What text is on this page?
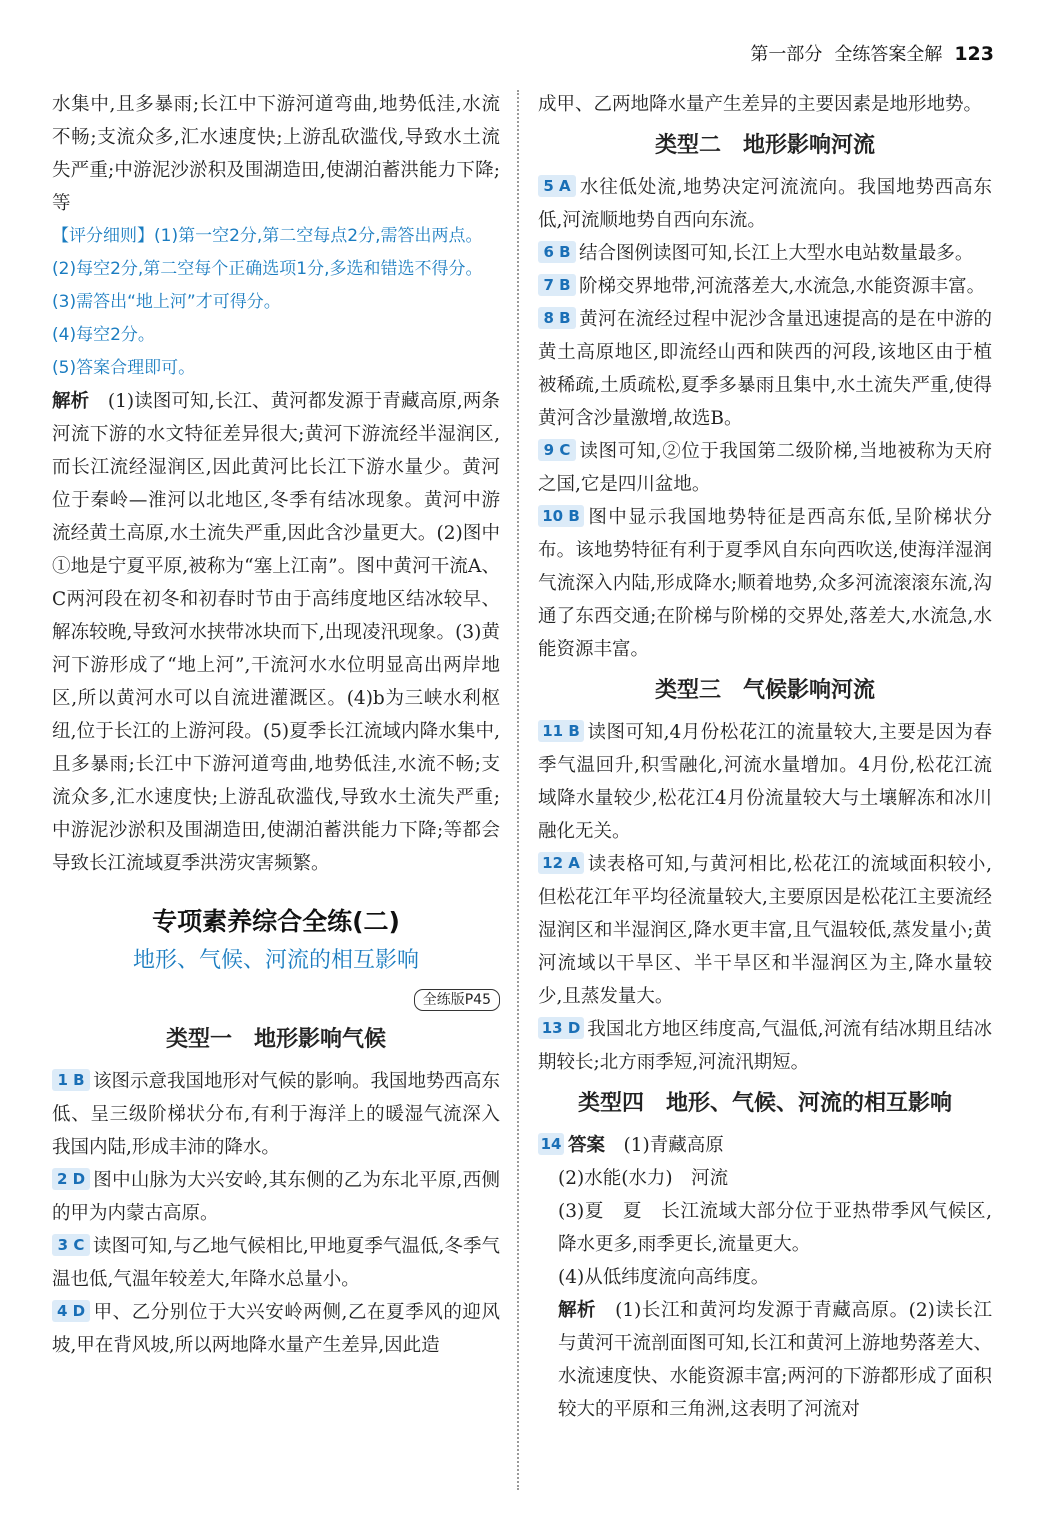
第一部分 全练答案全解 123

水集中,且多暴雨;长江中下游河道弯曲,地势低洼,水流不畅;支流众多,汇水速度快;上游乱砍滥伐,导致水土流失严重;中游泥沙淤积及围湖造田,使湖泊蓄洪能力下降;等

【评分细则】(1)第一空2分,第二空每点2分,需答出两点。

(2)每空2分,第二空每个正确选项1分,多选和错选不得分。

(3)需答出“地上河”才可得分。

(4)每空2分。

(5)答案合理即可。

解析　 (1)读图可知,长江、黄河都发源于青藏高原,两条河流下游的水文特征差异很大;黄河下游流经半湿润区,而长江流经湿润区,因此黄河比长江下游水量少。黄河位于秦岭—淮河以北地区,冬季有结冰现象。黄河中游流经黄土高原,水土流失严重,因此含沙量更大。(2)图中①地是宁夏平原,被称为“塞上江南”。图中黄河干流A、C两河段在初冬和初春时节由于高纬度地区结冰较早、解冻较晚,导致河水挟带冰块而下,出现凌汛现象。(3)黄河下游形成了“地上河”,干流河水水位明显高出两岸地区,所以黄河水可以自流进灌溉区。(4)b为三峡水利枢纽,位于长江的上游河段。(5)夏季长江流域内降水集中,且多暴雨;长江中下游河道弯曲,地势低洼,水流不畅;支流众多,汇水速度快;上游乱砍滥伐,导致水土流失严重;中游泥沙淤积及围湖造田,使湖泊蓄洪能力下降;等都会导致长江流域夏季洪涝灾害频繁。

专项素养综合全练(二)
地形、气候、河流的相互影响
全练版P45
类型一　地形影响气候

1 B 该图示意我国地形对气候的影响。我国地势西高东低、呈三级阶梯状分布,有利于海洋上的暖湿气流深入我国内陆,形成丰沛的降水。

2 D 图中山脉为大兴安岭,其东侧的乙为东北平原,西侧的甲为内蒙古高原。

3 C 读图可知,与乙地气候相比,甲地夏季气温低,冬季气温也低,气温年较差大,年降水总量小。

4 D 甲、乙分别位于大兴安岭两侧,乙在夏季风的迎风坡,甲在背风坡,所以两地降水量产生差异,因此造

成甲、乙两地降水量产生差异的主要因素是地形地势。

类型二　地形影响河流

5 A 水往低处流,地势决定河流流向。我国地势西高东低,河流顺地势自西向东流。

6 B 结合图例读图可知,长江上大型水电站数量最多。

7 B 阶梯交界地带,河流落差大,水流急,水能资源丰富。

8 B 黄河在流经过程中泥沙含量迅速提高的是在中游的黄土高原地区,即流经山西和陕西的河段,该地区由于植被稀疏,土质疏松,夏季多暴雨且集中,水土流失严重,使得黄河含沙量激增,故选B。

9 C 读图可知,②位于我国第二级阶梯,当地被称为天府之国,它是四川盆地。

10 B 图中显示我国地势特征是西高东低,呈阶梯状分布。该地势特征有利于夏季风自东向西吹送,使海洋湿润气流深入内陆,形成降水;顺着地势,众多河流滚滚东流,沟通了东西交通;在阶梯与阶梯的交界处,落差大,水流急,水能资源丰富。

类型三　气候影响河流

11 B 读图可知,4月份松花江的流量较大,主要是因为春季气温回升,积雪融化,河流水量增加。4月份,松花江流域降水量较少,松花江4月份流量较大与土壤解冻和冰川融化无关。

12 A 读表格可知,与黄河相比,松花江的流域面积较小,但松花江年平均径流量较大,主要原因是松花江主要流经湿润区和半湿润区,降水更丰富,且气温较低,蒸发量小;黄河流域以干旱区、半干旱区和半湿润区为主,降水量较少,且蒸发量大。

13 D 我国北方地区纬度高,气温低,河流有结冰期且结冰期较长;北方雨季短,河流汛期短。

类型四　地形、气候、河流的相互影响

14 答案　 (1)青藏高原

(2)水能(水力)　河流

(3)夏　夏　长江流域大部分位于亚热带季风气候区,降水更多,雨季更长,流量更大。

(4)从低纬度流向高纬度。

解析　 (1)长江和黄河均发源于青藏高原。(2)读长江与黄河干流剖面图可知,长江和黄河上游地势落差大、水流速度快、水能资源丰富;两河的下游都形成了面积较大的平原和三角洲,这表明了河流对
